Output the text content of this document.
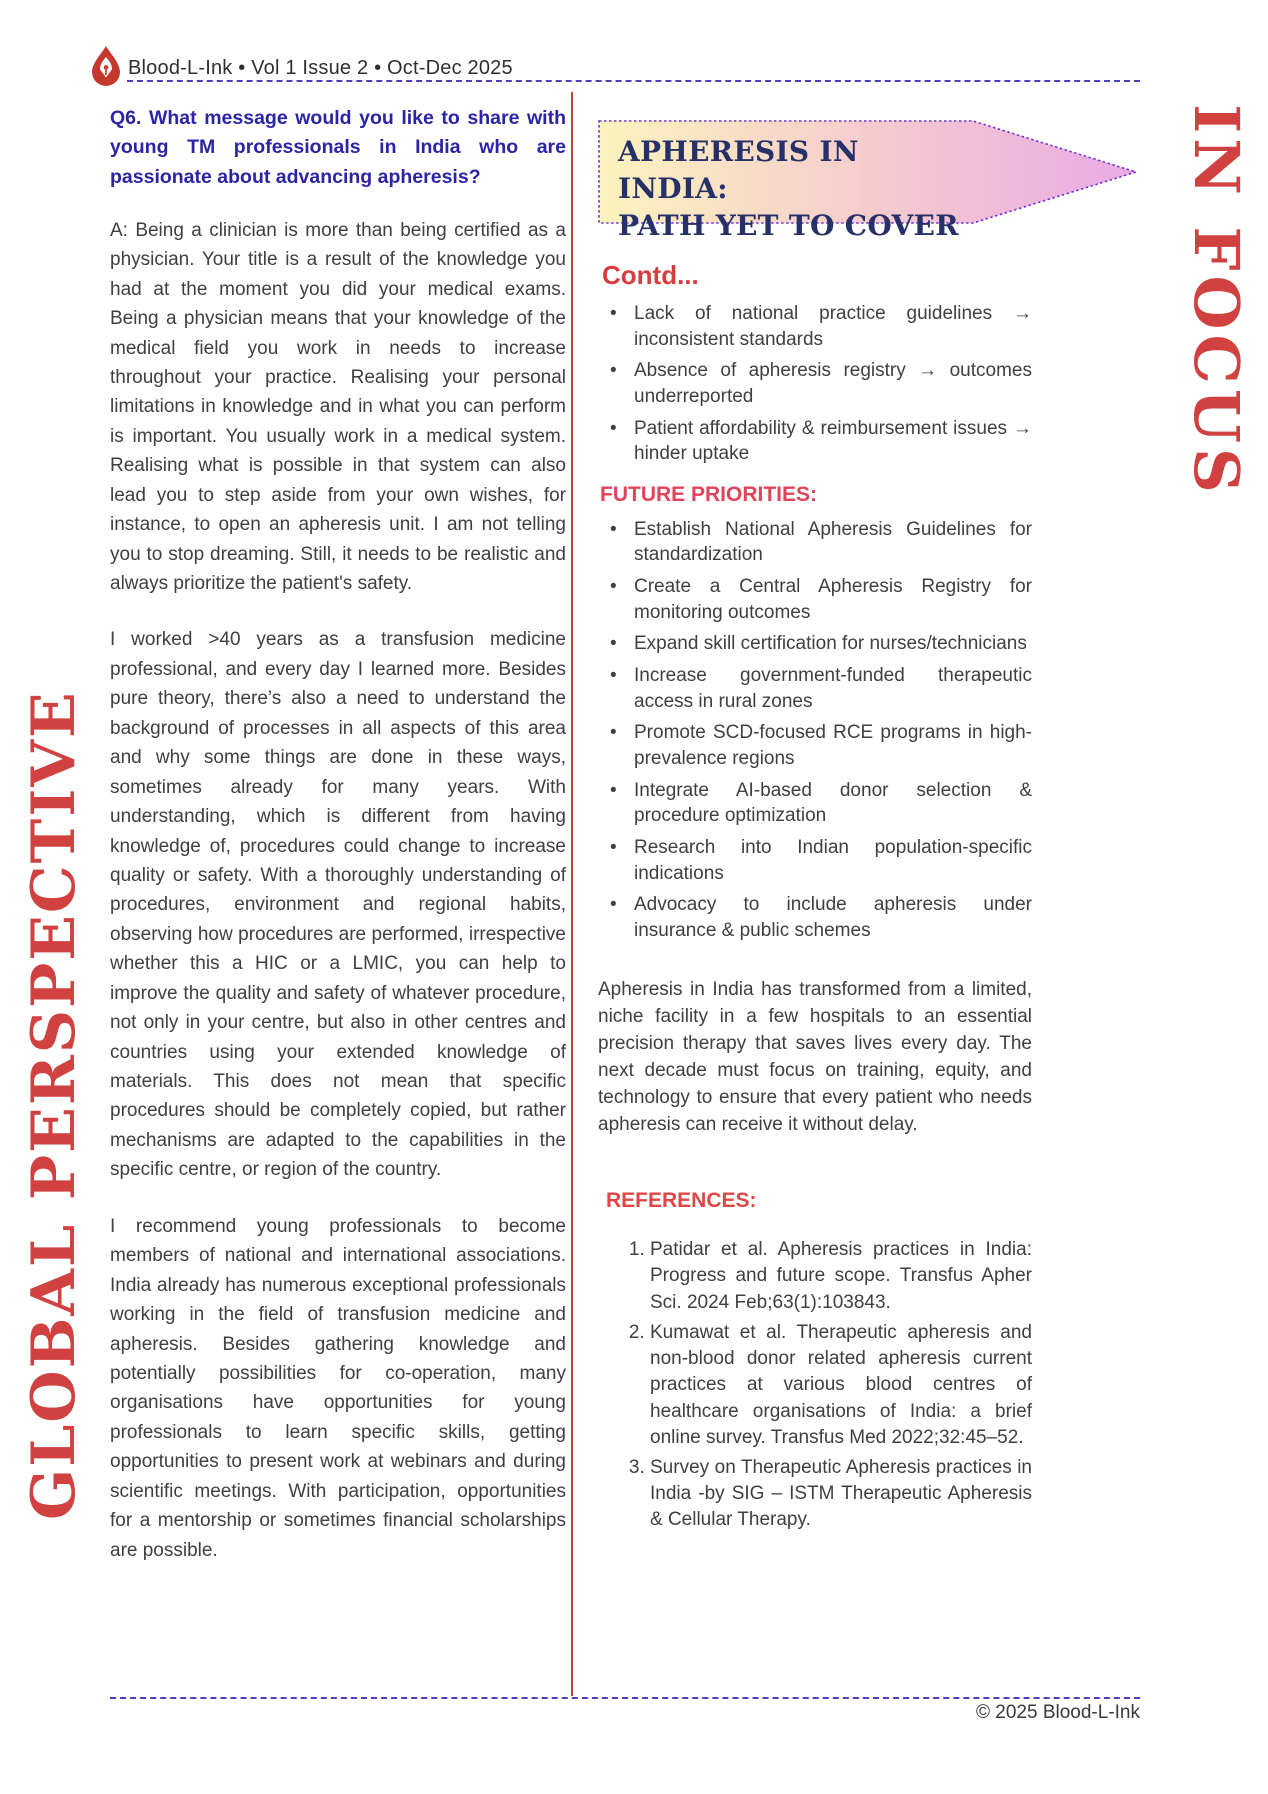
Blood-L-Ink • Vol 1 Issue 2 • Oct-Dec 2025
GLOBAL PERSPECTIVE
IN FOCUS

Q6. What message would you like to share with young TM professionals in India who are passionate about advancing apheresis?

A: Being a clinician is more than being certified as a physician. Your title is a result of the knowledge you had at the moment you did your medical exams. Being a physician means that your knowledge of the medical field you work in needs to increase throughout your practice. Realising your personal limitations in knowledge and in what you can perform is important. You usually work in a medical system. Realising what is possible in that system can also lead you to step aside from your own wishes, for instance, to open an apheresis unit. I am not telling you to stop dreaming. Still, it needs to be realistic and always prioritize the patient's safety.

I worked >40 years as a transfusion medicine professional, and every day I learned more. Besides pure theory, there’s also a need to understand the background of processes in all aspects of this area and why some things are done in these ways, sometimes already for many years. With understanding, which is different from having knowledge of, procedures could change to increase quality or safety. With a thoroughly understanding of procedures, environment and regional habits, observing how procedures are performed, irrespective whether this a HIC or a LMIC, you can help to improve the quality and safety of whatever procedure, not only in your centre, but also in other centres and countries using your extended knowledge of materials. This does not mean that specific procedures should be completely copied, but rather mechanisms are adapted to the capabilities in the specific centre, or region of the country.

I recommend young professionals to become members of national and international associations. India already has numerous exceptional professionals working in the field of transfusion medicine and apheresis. Besides gathering knowledge and potentially possibilities for co-operation, many organisations have opportunities for young professionals to learn specific skills, getting opportunities to present work at webinars and during scientific meetings. With participation, opportunities for a mentorship or sometimes financial scholarships are possible.

APHERESIS IN INDIA:
PATH YET TO COVER
Contd...
•
Lack of national practice guidelines → inconsistent standards
•
Absence of apheresis registry → outcomes underreported
•
Patient affordability & reimbursement issues → hinder uptake
FUTURE PRIORITIES:
•
Establish National Apheresis Guidelines for standardization
•
Create a Central Apheresis Registry for monitoring outcomes
•
Expand skill certification for nurses/technicians
•
Increase government-funded therapeutic access in rural zones
•
Promote SCD-focused RCE programs in high-prevalence regions
•
Integrate AI-based donor selection & procedure optimization
•
Research into Indian population-specific indications
•
Advocacy to include apheresis under insurance & public schemes

Apheresis in India has transformed from a limited, niche facility in a few hospitals to an essential precision therapy that saves lives every day. The next decade must focus on training, equity, and technology to ensure that every patient who needs apheresis can receive it without delay.

REFERENCES:
1. Patidar et al. Apheresis practices in India: Progress and future scope. Transfus Apher Sci. 2024 Feb;63(1):103843.
2. Kumawat et al. Therapeutic apheresis and non-blood donor related apheresis current practices at various blood centres of healthcare organisations of India: a brief online survey. Transfus Med 2022;32:45–52.
3. Survey on Therapeutic Apheresis practices in India -by SIG – ISTM Therapeutic Apheresis & Cellular Therapy.
© 2025 Blood-L-Ink
